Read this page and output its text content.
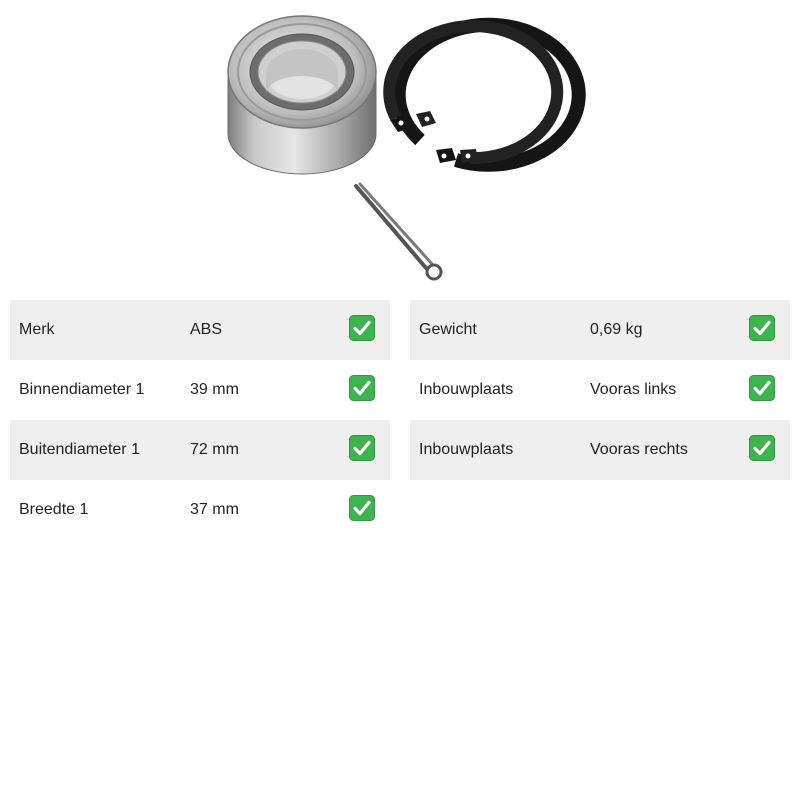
Merk	ABS
Binnendiameter 1	39 mm
Buitendiameter 1	72 mm
Breedte 1	37 mm
Gewicht	0,69 kg
Inbouwplaats	Vooras links
Inbouwplaats	Vooras rechts
